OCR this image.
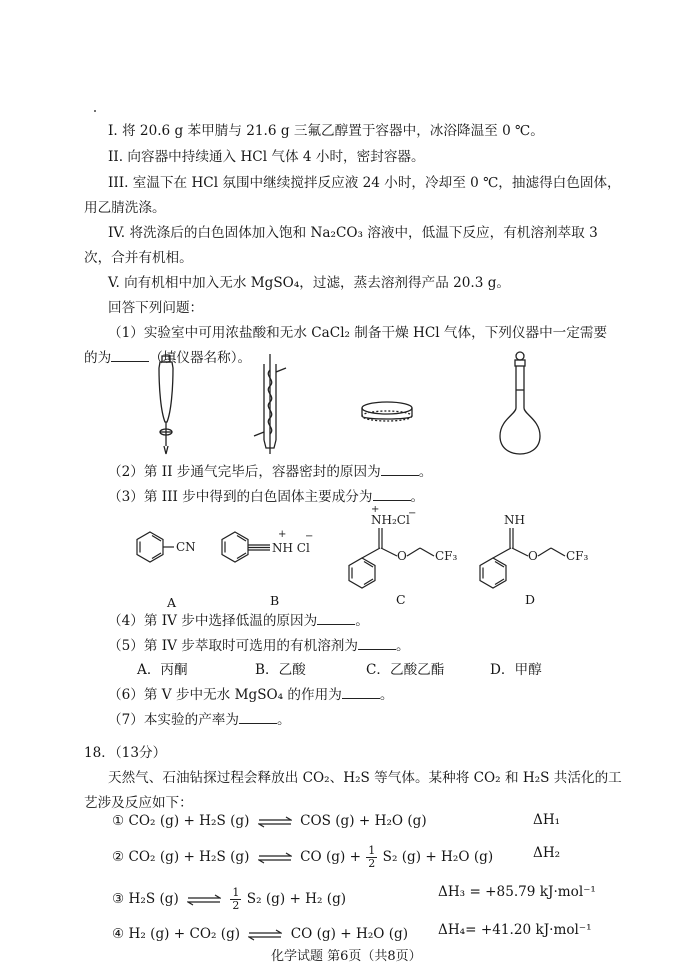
I. 将 20.6 g 苯甲腈与 21.6 g 三氟乙醇置于容器中，冰浴降温至 0 ℃。
II. 向容器中持续通入 HCl 气体 4 小时，密封容器。
III. 室温下在 HCl 氛围中继续搅拌反应液 24 小时，冷却至 0 ℃，抽滤得白色固体，
用乙腈洗涤。
IV. 将洗涤后的白色固体加入饱和 Na₂CO₃ 溶液中，低温下反应，有机溶剂萃取 3
次，合并有机相。
V. 向有机相中加入无水 MgSO₄，过滤，蒸去溶剂得产品 20.3 g。
回答下列问题：
（1）实验室中可用浓盐酸和无水 CaCl₂ 制备干燥 HCl 气体，下列仪器中一定需要
的为	（填仪器名称）。
（2）第 II 步通气完毕后，容器密封的原因为	。
（3）第 III 步中得到的白色固体主要成分为	。
CN	NH Cl
+ −
NH₂Cl
+	−
O CF₃
NH
O CF₃
A	B	C	D
（4）第 IV 步中选择低温的原因为	。
（5）第 IV 步萃取时可选用的有机溶剂为	。
A．丙酮	B．乙酸	C．乙酸乙酯	D．甲醇
（6）第 V 步中无水 MgSO₄ 的作用为	。
（7）本实验的产率为	。
18．（13分）
天然气、石油钻探过程会释放出 CO₂、H₂S 等气体。某种将 CO₂ 和 H₂S 共活化的工
艺涉及反应如下：
① CO₂ (g) + H₂S (g) ⇌ COS (g) + H₂O (g)	ΔH₁
② CO₂ (g) + H₂S (g) ⇌ CO $(g) + \frac{1}{2} S_2$ (g) + H₂O (g)	ΔH₂
③ H₂S (g) ⇌ $\frac{1}{2} S_2$ (g) + H₂ (g)	ΔH₃ = +85.79 kJ·mol⁻¹
④ H₂ (g) + CO₂ (g) ⇌ CO (g) + H₂O (g) ΔH₄= +41.20 kJ·mol⁻¹
化学试题 第6页（共8页）
